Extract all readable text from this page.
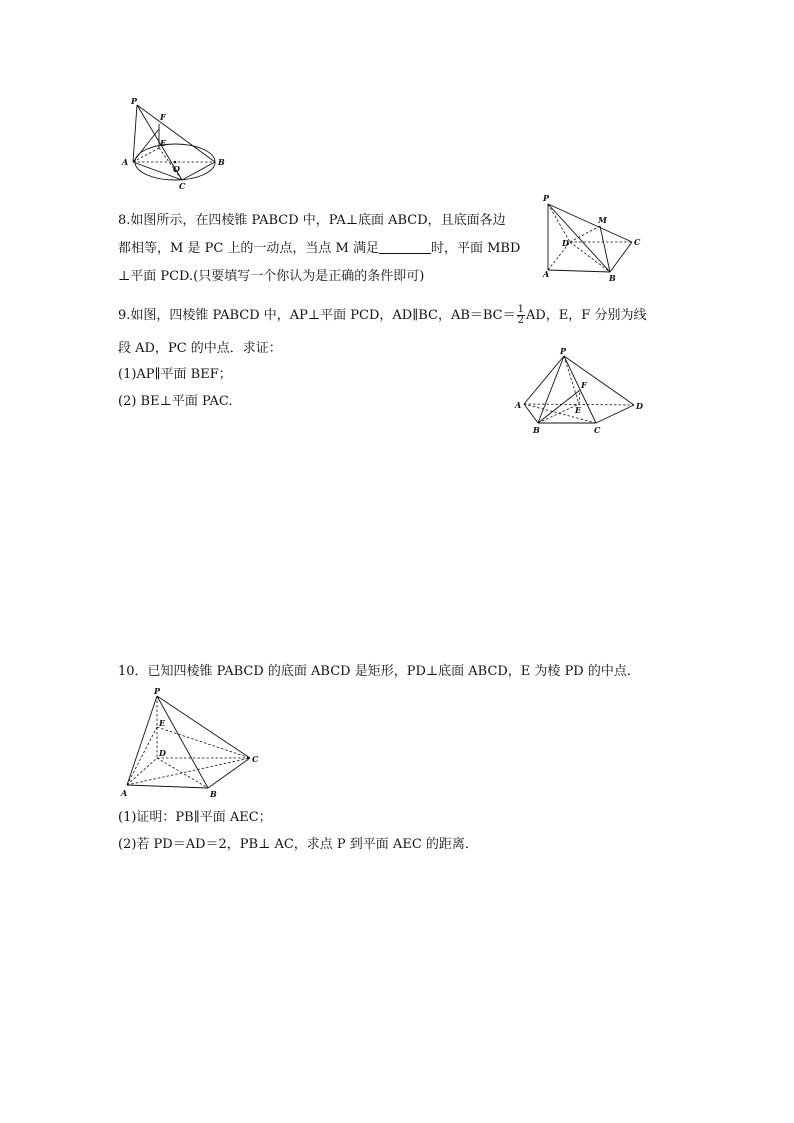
P
F
E
A
O
B
C
8.如图所示，在四棱锥 PABCD 中，PA⊥底面 ABCD，且底面各边
都相等，M 是 PC 上的一动点，当点 M 满足	时，平面 MBD
⊥平面 PCD.(只要填写一个你认为是正确的条件即可)
P
M
D	C
A	B
9.如图，四棱锥 PABCD 中，AP⊥平面 PCD，AD∥BC，$AB=BC= \frac{1}{2}$ AD，E，F 分别为线
段 AD，PC 的中点．求证：
(1)AP∥平面 BEF；
(2) BE⊥平面 PAC.
P
F
A	E	D
B	C
10．已知四棱锥 PABCD 的底面 ABCD 是矩形，PD⊥底面 ABCD，E 为棱 PD 的中点．
P
E
D
C
A	B
(1)证明：PB∥平面 AEC；
(2)若 PD＝AD＝2，PB⊥ AC，求点 P 到平面 AEC 的距离．
